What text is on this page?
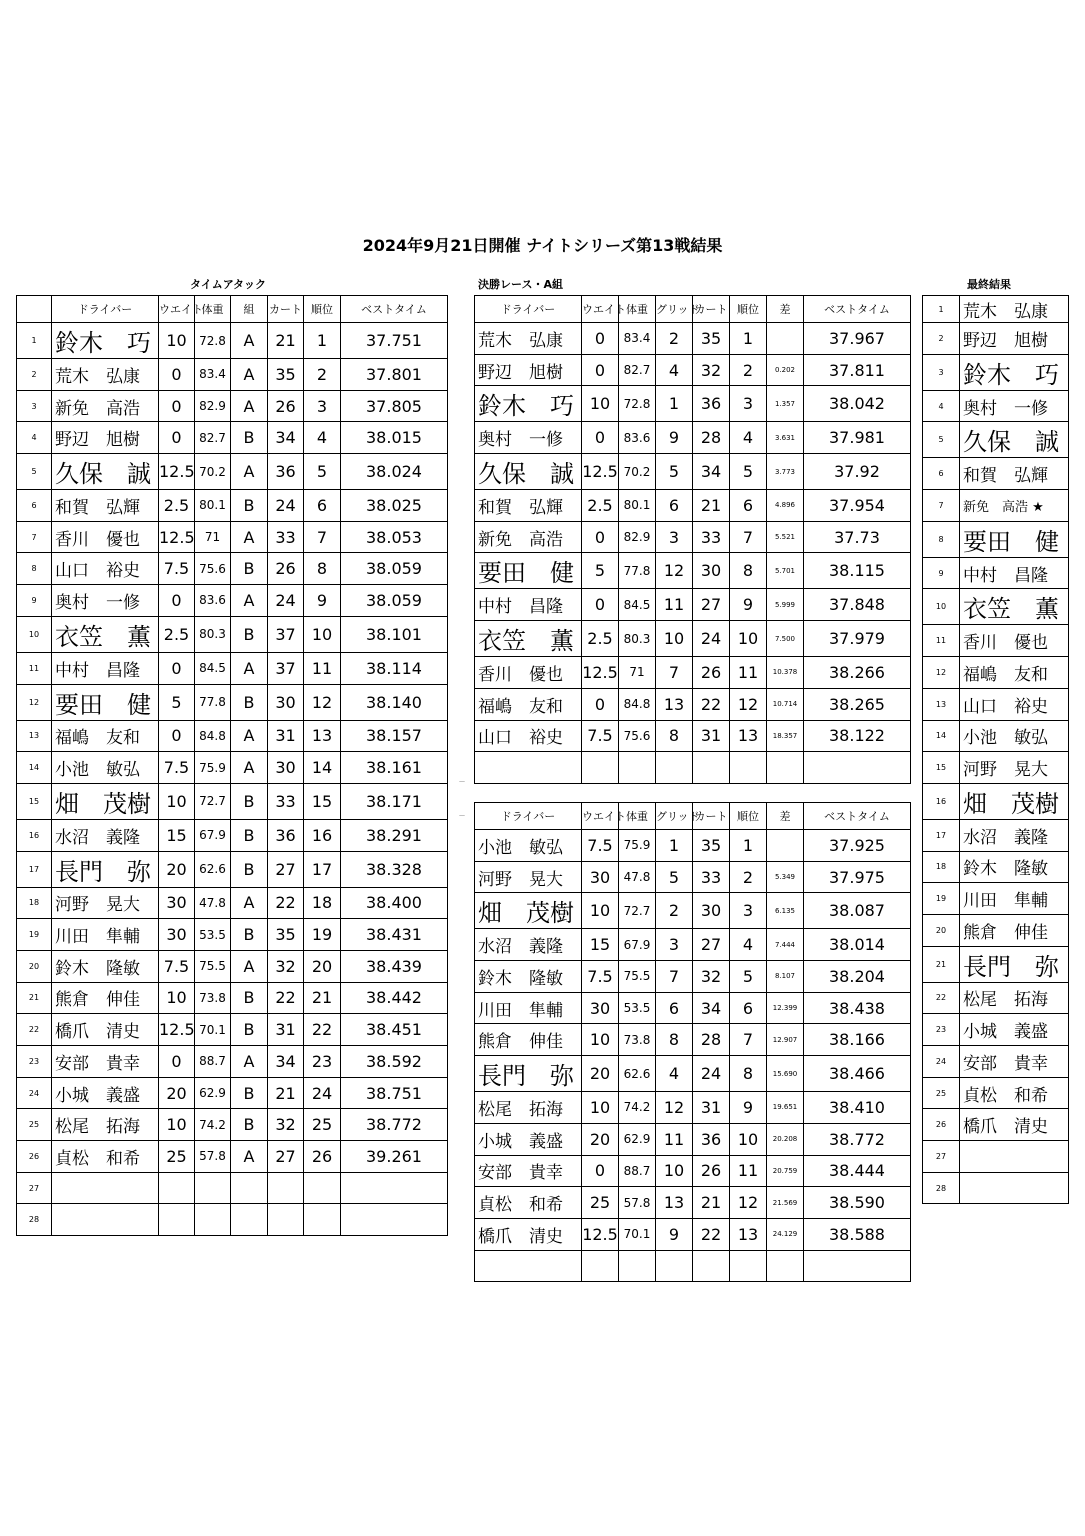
2024年9月21日開催 ナイトシリーズ第13戦結果
タイムアタック	決勝レース・A組	最終結果
—
—
	ドライバー	ウエイト	体重	組	カート	順位	ベストタイム
1	鈴木　巧	10	72.8	A	21	1	37.751
2	荒木　弘康	0	83.4	A	35	2	37.801
3	新免　高浩	0	82.9	A	26	3	37.805
4	野辺　旭樹	0	82.7	B	34	4	38.015
5	久保　誠	12.5	70.2	A	36	5	38.024
6	和賀　弘輝	2.5	80.1	B	24	6	38.025
7	香川　優也	12.5	71	A	33	7	38.053
8	山口　裕史	7.5	75.6	B	26	8	38.059
9	奥村　一修	0	83.6	A	24	9	38.059
10	衣笠　薫	2.5	80.3	B	37	10	38.101
11	中村　昌隆	0	84.5	A	37	11	38.114
12	要田　健	5	77.8	B	30	12	38.140
13	福嶋　友和	0	84.8	A	31	13	38.157
14	小池　敏弘	7.5	75.9	A	30	14	38.161
15	畑　茂樹	10	72.7	B	33	15	38.171
16	水沼　義隆	15	67.9	B	36	16	38.291
17	長門　弥	20	62.6	B	27	17	38.328
18	河野　晃大	30	47.8	A	22	18	38.400
19	川田　隼輔	30	53.5	B	35	19	38.431
20	鈴木　隆敏	7.5	75.5	A	32	20	38.439
21	熊倉　伸佳	10	73.8	B	22	21	38.442
22	橋爪　清史	12.5	70.1	B	31	22	38.451
23	安部　貴幸	0	88.7	A	34	23	38.592
24	小城　義盛	20	62.9	B	21	24	38.751
25	松尾　拓海	10	74.2	B	32	25	38.772
26	貞松　和希	25	57.8	A	27	26	39.261
27							
28							
ドライバー	ウエイト	体重	グリッド	カート	順位	差	ベストタイム
荒木　弘康	0	83.4	2	35	1		37.967
野辺　旭樹	0	82.7	4	32	2	0.202	37.811
鈴木　巧	10	72.8	1	36	3	1.357	38.042
奥村　一修	0	83.6	9	28	4	3.631	37.981
久保　誠	12.5	70.2	5	34	5	3.773	37.92
和賀　弘輝	2.5	80.1	6	21	6	4.896	37.954
新免　高浩	0	82.9	3	33	7	5.521	37.73
要田　健	5	77.8	12	30	8	5.701	38.115
中村　昌隆	0	84.5	11	27	9	5.999	37.848
衣笠　薫	2.5	80.3	10	24	10	7.500	37.979
香川　優也	12.5	71	7	26	11	10.378	38.266
福嶋　友和	0	84.8	13	22	12	10.714	38.265
山口　裕史	7.5	75.6	8	31	13	18.357	38.122

ドライバー	ウエイト	体重	グリッド	カート	順位	差	ベストタイム
小池　敏弘	7.5	75.9	1	35	1		37.925
河野　晃大	30	47.8	5	33	2	5.349	37.975
畑　茂樹	10	72.7	2	30	3	6.135	38.087
水沼　義隆	15	67.9	3	27	4	7.444	38.014
鈴木　隆敏	7.5	75.5	7	32	5	8.107	38.204
川田　隼輔	30	53.5	6	34	6	12.399	38.438
熊倉　伸佳	10	73.8	8	28	7	12.907	38.166
長門　弥	20	62.6	4	24	8	15.690	38.466
松尾　拓海	10	74.2	12	31	9	19.651	38.410
小城　義盛	20	62.9	11	36	10	20.208	38.772
安部　貴幸	0	88.7	10	26	11	20.759	38.444
貞松　和希	25	57.8	13	21	12	21.569	38.590
橋爪　清史	12.5	70.1	9	22	13	24.129	38.588

1	荒木　弘康
2	野辺　旭樹
3	鈴木　巧
4	奥村　一修
5	久保　誠
6	和賀　弘輝
7	新免　高浩 ★
8	要田　健
9	中村　昌隆
10	衣笠　薫
11	香川　優也
12	福嶋　友和
13	山口　裕史
14	小池　敏弘
15	河野　晃大
16	畑　茂樹
17	水沼　義隆
18	鈴木　隆敏
19	川田　隼輔
20	熊倉　伸佳
21	長門　弥
22	松尾　拓海
23	小城　義盛
24	安部　貴幸
25	貞松　和希
26	橋爪　清史
27	
28	
